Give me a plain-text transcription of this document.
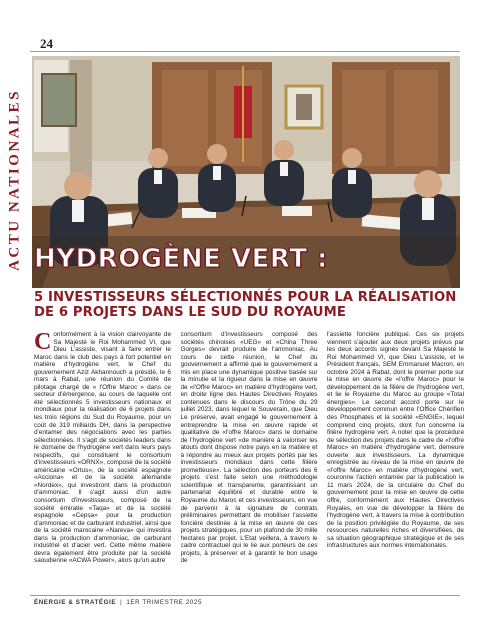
24
ACTU NATIONALES HYDROGÈNE VERT :
5 INVESTISSEURS SÉLECTIONNÉS POUR LA RÉALISATION
DE 6 PROJETS DANS LE SUD DU ROYAUME

Conformément à la vision clairvoyante de Sa Majesté le Roi Mohammed VI, que Dieu L'assiste, visant à faire entrer le Maroc dans le club des pays à fort potentiel en matière d'hydrogène vert, le Chef du gouvernement Aziz Akhannouch a présidé, le 6 mars à Rabat, une réunion du Comité de pilotage chargé de « l'Offre Maroc » dans ce secteur d'émergence, au cours de laquelle ont été sélectionnés 5 investisseurs nationaux et mondiaux pour la réalisation de 6 projets dans les trois régions du Sud du Royaume, pour un coût de 319 milliards DH, dans la perspective d'entamer des négociations avec les parties sélectionnées. Il s'agit de sociétés leaders dans le domaine de l'hydrogène vert dans leurs pays respectifs, qui constituent le consortium d'investisseurs «ORNX», composé de la société américaine «Ortus», de la société espagnole «Acciona» et de la société allemande «Nordex», qui investiront dans la production d'ammoniac. Il s'agit aussi d'un autre consortium d'investisseurs, composé de la société émiratie «Taqa» et de la société espagnole «Cepsa» pour la production d'ammoniac et de carburant industriel, ainsi que de la société marocaine «Nareva» qui investira dans la production d'ammoniac, de carburant industriel et d'acier vert. Cette même matière devra également être produite par la société saoudienne «ACWA Power», alors qu'un autre

consortium d'investisseurs composé des sociétés chinoises «UEG» et «China Three Gorges» devrait produire de l'ammoniac. Au cours de cette réunion, le Chef du gouvernement a affirmé que le gouvernement a mis en place une dynamique positive basée sur la minutie et la rigueur dans la mise en œuvre de «l'Offre Maroc» en matière d'hydrogène vert, en droite ligne des Hautes Directives Royales contenues dans le discours du Trône du 29 juillet 2023, dans lequel le Souverain, que Dieu Le préserve, avait engagé le gouvernement à entreprendre la mise en œuvre rapide et qualitative de «l'offre Maroc» dans le domaine de l'hydrogène vert «de manière à valoriser les atouts dont dispose notre pays en la matière et à répondre au mieux aux projets portés par les investisseurs mondiaux dans cette filière prometteuse». La sélection des porteurs des 6 projets s'est faite selon une méthodologie scientifique et transparente, garantissant un partenariat équilibré et durable entre le Royaume du Maroc et ces investisseurs, en vue de parvenir à la signature de contrats préliminaires permettant de mobiliser l'assiette foncière destinée à la mise en œuvre de ces projets stratégiques, pour un plafond de 30 mille hectares par projet. L'Etat veillera, à travers le cadre contractuel qui le lie aux porteurs de ces projets, à préserver et à garantir le bon usage de

l'assiette foncière publique. Ces six projets viennent s'ajouter aux deux projets prévus par les deux accords signés devant Sa Majesté le Roi Mohammed VI, que Dieu L'assiste, et le Président français, SEM Emmanuel Macron, en octobre 2024 à Rabat, dont le premier porte sur la mise en œuvre de «l'offre Maroc» pour le développement de la filière de l'hydrogène vert, et lie le Royaume du Maroc au groupe «Total énergies». Le second accord porte sur le développement commun entre l'Office Chérifien des Phosphates et la société «ENGIE», lequel comprend cinq projets, dont l'un concerne la filière hydrogène vert. A noter que la procédure de sélection des projets dans le cadre de «l'offre Maroc» en matière d'hydrogène vert, demeure ouverte aux investisseurs. La dynamique enregistrée au niveau de la mise en œuvre de «l'offre Maroc» en matière d'hydrogène vert, couronne l'action entamée par la publication le 11 mars 2024, de la circulaire du Chef du gouvernement pour la mise en œuvre de cette offre, conformément aux Hautes Directives Royales, en vue de développer la filière de l'hydrogène vert, à travers la mise à contribution de la position privilégiée du Royaume, de ses ressources naturelles riches et diversifiées, de sa situation géographique stratégique et de ses infrastructures aux normes internationales.

ÉNERGIE & STRATÉGIE | 1ER TRIMESTRE 2025
